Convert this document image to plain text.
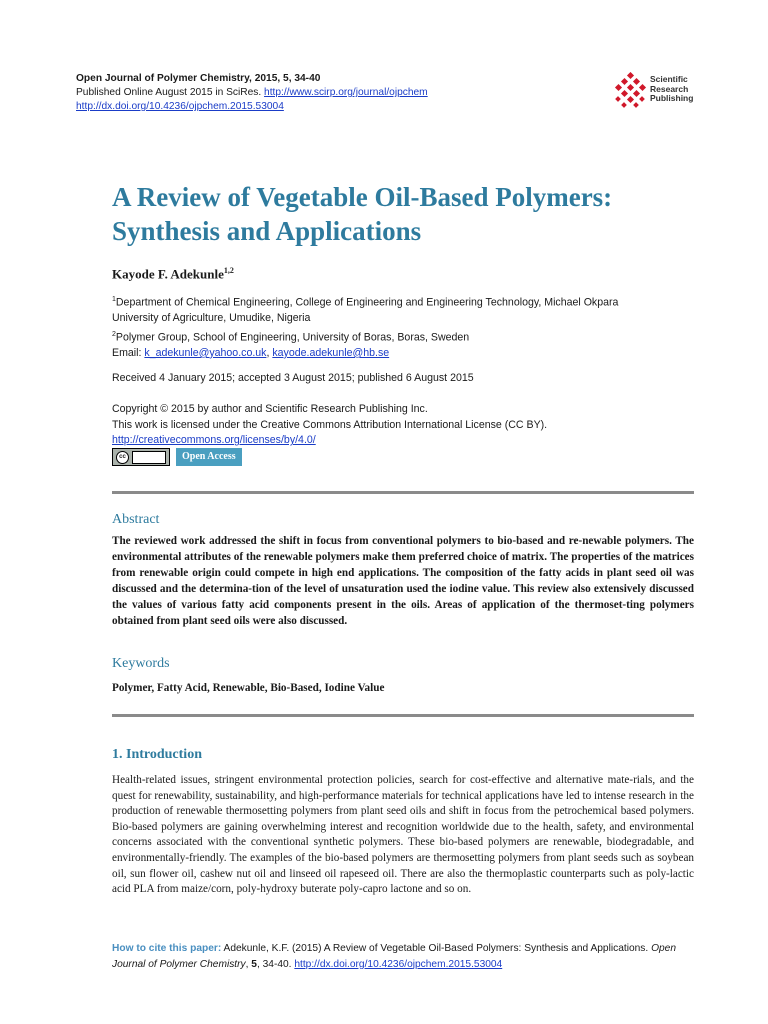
Open Journal of Polymer Chemistry, 2015, 5, 34-40
Published Online August 2015 in SciRes. http://www.scirp.org/journal/ojpchem
http://dx.doi.org/10.4236/ojpchem.2015.53004
Scientific
Research
Publishing
A Review of Vegetable Oil-Based Polymers:
Synthesis and Applications
Kayode F. Adekunle$^{1,2}$
$^1$Department of Chemical Engineering, College of Engineering and Engineering Technology, Michael Okpara
University of Agriculture, Umudike, Nigeria
$^2$Polymer Group, School of Engineering, University of Boras, Boras, Sweden
Email: k_adekunle@yahoo.co.uk, kayode.adekunle@hb.se
Received 4 January 2015; accepted 3 August 2015; published 6 August 2015
Copyright © 2015 by author and Scientific Research Publishing Inc.
This work is licensed under the Creative Commons Attribution International License (CC BY).
http://creativecommons.org/licenses/by/4.0/
cc	Open Access
Abstract

The reviewed work addressed the shift in focus from conventional polymers to bio-based and re-newable polymers. The environmental attributes of the renewable polymers make them preferred choice of matrix. The properties of the matrices from renewable origin could compete in high end applications. The composition of the fatty acids in plant seed oil was discussed and the determina-tion of the level of unsaturation used the iodine value. This review also extensively discussed the values of various fatty acid components present in the oils. Areas of application of the thermoset-ting polymers obtained from plant seed oils were also discussed.

Keywords
Polymer, Fatty Acid, Renewable, Bio-Based, Iodine Value
1. Introduction

Health-related issues, stringent environmental protection policies, search for cost-effective and alternative mate-rials, and the quest for renewability, sustainability, and high-performance materials for technical applications have led to intense research in the production of renewable thermosetting polymers from plant seed oils and shift in focus from the petrochemical based polymers. Bio-based polymers are gaining overwhelming interest and recognition worldwide due to the health, safety, and environmental concerns associated with the conventional synthetic polymers. These bio-based polymers are renewable, biodegradable, and environmentally-friendly. The examples of the bio-based polymers are thermosetting polymers from plant seeds such as soybean oil, sun flower oil, cashew nut oil and linseed oil rapeseed oil. There are also the thermoplastic counterparts such as poly-lactic acid PLA from maize/corn, poly-hydroxy buterate poly-capro lactone and so on.

How to cite this paper: Adekunle, K.F. (2015) A Review of Vegetable Oil-Based Polymers: Synthesis and Applications. Open Journal of Polymer Chemistry, 5, 34-40. http://dx.doi.org/10.4236/ojpchem.2015.53004
